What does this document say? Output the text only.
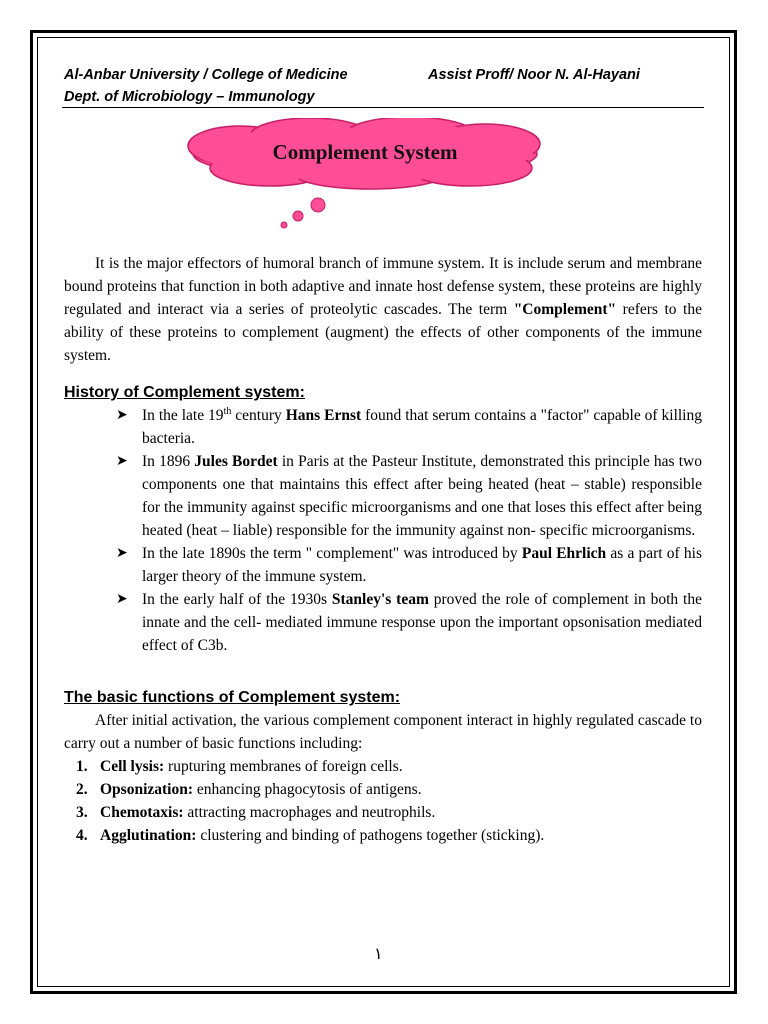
Al-Anbar University / College of Medicine	Assist Proff/ Noor N. Al-Hayani
Dept. of Microbiology – Immunology
Complement System

It is the major effectors of humoral branch of immune system. It is include serum and membrane bound proteins that function in both adaptive and innate host defense system, these proteins are highly regulated and interact via a series of proteolytic cascades. The term "Complement" refers to the ability of these proteins to complement (augment) the effects of other components of the immune system.

History of Complement system:
➤ In the late 19th century Hans Ernst found that serum contains a "factor" capable of killing bacteria.
➤ In 1896 Jules Bordet in Paris at the Pasteur Institute, demonstrated this principle has two components one that maintains this effect after being heated (heat – stable) responsible for the immunity against specific microorganisms and one that loses this effect after being heated (heat – liable) responsible for the immunity against non- specific microorganisms.
➤ In the late 1890s the term " complement" was introduced by Paul Ehrlich as a part of his larger theory of the immune system.
➤ In the early half of the 1930s Stanley's team proved the role of complement in both the innate and the cell- mediated immune response upon the important opsonisation mediated effect of C3b.
The basic functions of Complement system:

After initial activation, the various complement component interact in highly regulated cascade to carry out a number of basic functions including:

1. Cell lysis: rupturing membranes of foreign cells.
2. Opsonization: enhancing phagocytosis of antigens.
3. Chemotaxis: attracting macrophages and neutrophils.
4. Agglutination: clustering and binding of pathogens together (sticking).
١
